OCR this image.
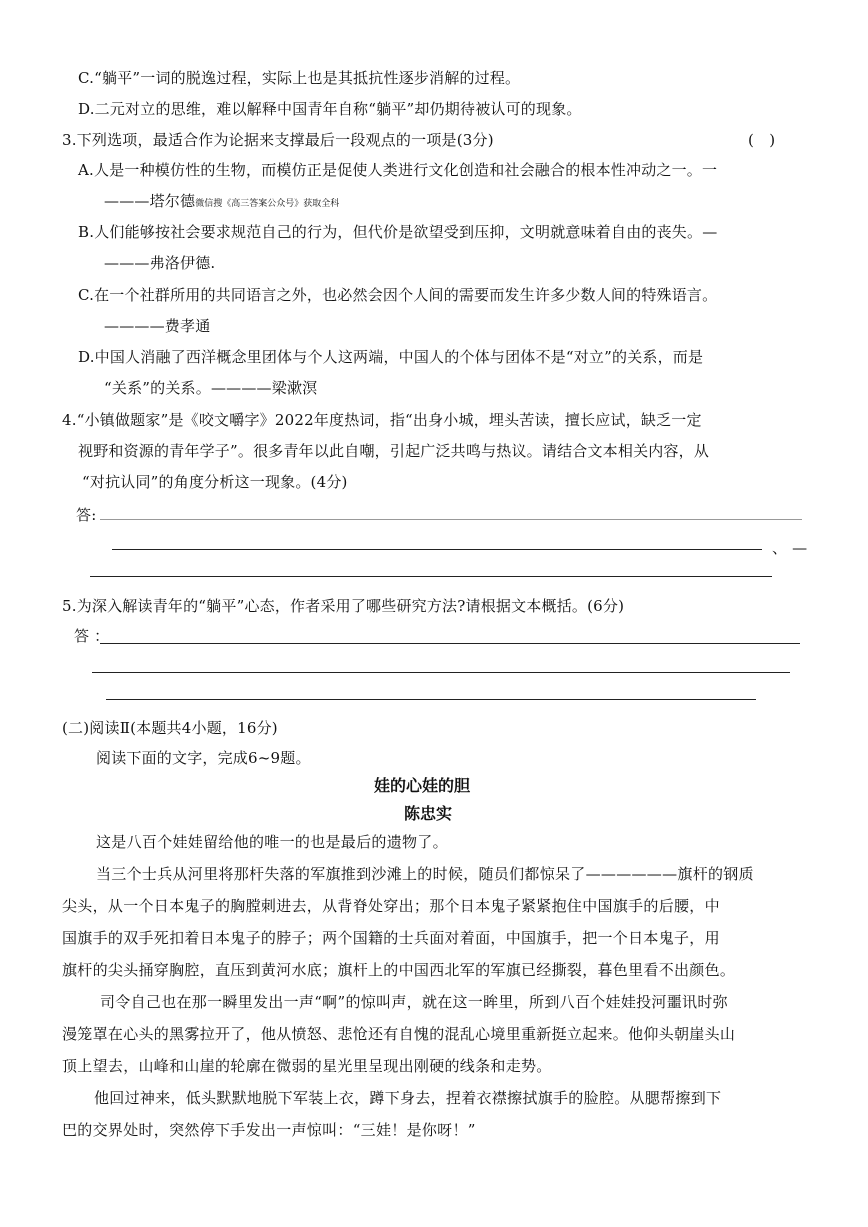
C.“躺平”一词的脱逸过程，实际上也是其抵抗性逐步消解的过程。
D.二元对立的思维，难以解释中国青年自称“躺平”却仍期待被认可的现象。
3.下列选项，最适合作为论据来支撑最后一段观点的一项是(3分)	(　)
A.人是一种模仿性的生物，而模仿正是促使人类进行文化创造和社会融合的根本性冲动之一。一
———塔尔德微信搜《高三答案公众号》获取全科
B.人们能够按社会要求规范自己的行为，但代价是欲望受到压抑，文明就意味着自由的丧失。—
———弗洛伊德.
C.在一个社群所用的共同语言之外，也必然会因个人间的需要而发生许多少数人间的特殊语言。
————费孝通
D.中国人消融了西洋概念里团体与个人这两端，中国人的个体与团体不是“对立”的关系，而是
“关系”的关系。————梁漱溟
4.“小镇做题家”是《咬文嚼字》2022年度热词，指“出身小城，埋头苦读，擅长应试，缺乏一定
视野和资源的青年学子”。很多青年以此自嘲，引起广泛共鸣与热议。请结合文本相关内容，从
“对抗认同”的角度分析这一现象。(4分)
答:
、 —
5.为深入解读青年的“躺平”心态，作者采用了哪些研究方法?请根据文本概括。(6分)
答 ：
(二)阅读Ⅱ(本题共4小题，16分)
阅读下面的文字，完成6~9题。
娃的心娃的胆
陈忠实
这是八百个娃娃留给他的唯一的也是最后的遗物了。
当三个士兵从河里将那杆失落的军旗推到沙滩上的时候，随员们都惊呆了——————旗杆的钢质
尖头，从一个日本鬼子的胸膛刺进去，从背脊处穿出；那个日本鬼子紧紧抱住中国旗手的后腰，中
国旗手的双手死扣着日本鬼子的脖子；两个国籍的士兵面对着面，中国旗手，把一个日本鬼子，用
旗杆的尖头捅穿胸腔，直压到黄河水底；旗杆上的中国西北军的军旗已经撕裂，暮色里看不出颜色。
司令自己也在那一瞬里发出一声“啊”的惊叫声，就在这一眸里，所到八百个娃娃投河噩讯时弥
漫笼罩在心头的黑雾拉开了，他从愤怒、悲怆还有自愧的混乱心境里重新挺立起来。他仰头朝崖头山
顶上望去，山峰和山崖的轮廓在微弱的星光里呈现出刚硬的线条和走势。
他回过神来，低头默默地脱下军装上衣，蹲下身去，捏着衣襟擦拭旗手的脸腔。从腮帮擦到下
巴的交界处时，突然停下手发出一声惊叫：“三娃！是你呀！”
